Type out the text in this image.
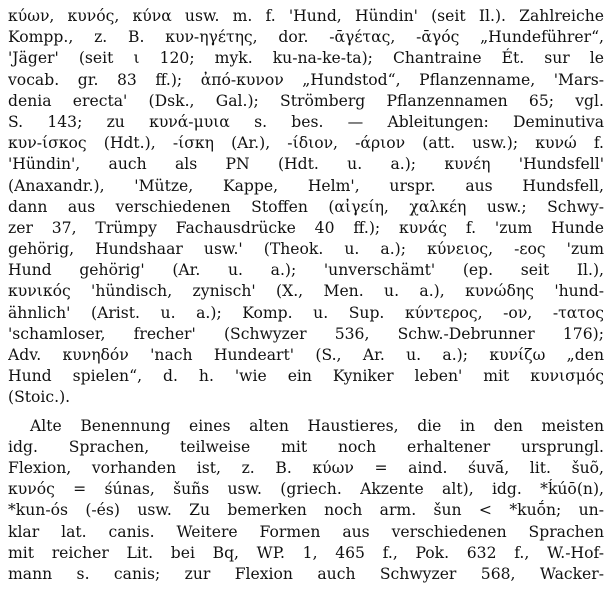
κύων, κυνός, κύνα usw. m. f. 'Hund, Hündin' (seit Il.). Zahlreiche
Kompp., z. B. κυν-ηγέτης, dor. -ᾱγέτας, -ᾱγός „Hundeführer“,
'Jäger' (seit ι 120; myk. ku-na-ke-ta); Chantraine Ét. sur le
vocab. gr. 83 ff.); ἀπό-κυνον „Hundstod“, Pflanzenname, 'Mars-
denia erecta' (Dsk., Gal.); Strömberg Pflanzennamen 65; vgl.
S. 143; zu κυνά-μυια s. bes. — Ableitungen: Deminutiva
κυν-ίσκος (Hdt.), -ίσκη (Ar.), -ίδιον, -άριον (att. usw.); κυνώ f.
'Hündin', auch als PN (Hdt. u. a.); κυνέη 'Hundsfell'
(Anaxandr.), 'Mütze, Kappe, Helm', urspr. aus Hundsfell,
dann aus verschiedenen Stoffen (αἰγείη, χαλκέη usw.; Schwy-
zer 37, Trümpy Fachausdrücke 40 ff.); κυνάς f. 'zum Hunde
gehörig, Hundshaar usw.' (Theok. u. a.); κύνειος, -εος 'zum
Hund gehörig' (Ar. u. a.); 'unverschämt' (ep. seit Il.),
κυνικός 'hündisch, zynisch' (X., Men. u. a.), κυνώδης 'hund-
ähnlich' (Arist. u. a.); Komp. u. Sup. κύντερος, -ον, -τατος
'schamloser, frecher' (Schwyzer 536, Schw.-Debrunner 176);
Adv. κυνηδόν 'nach Hundeart' (S., Ar. u. a.); κυνίζω „den
Hund spielen“, d. h. 'wie ein Kyniker leben' mit κυνισμός
(Stoic.).
Alte Benennung eines alten Haustieres, die in den meisten
idg. Sprachen, teilweise mit noch erhaltener ursprungl.
Flexion, vorhanden ist, z. B. κύων = aind. śuvā́, lit. šuõ,
κυνός = śúnas, šuñs usw. (griech. Akzente alt), idg. *ḱúō(n),
*kun-ós (-és) usw. Zu bemerken noch arm. šun < *kuṓn; un-
klar lat. canis. Weitere Formen aus verschiedenen Sprachen
mit reicher Lit. bei Bq, WP. 1, 465 f., Pok. 632 f., W.-Hof-
mann s. canis; zur Flexion auch Schwyzer 568, Wacker-
